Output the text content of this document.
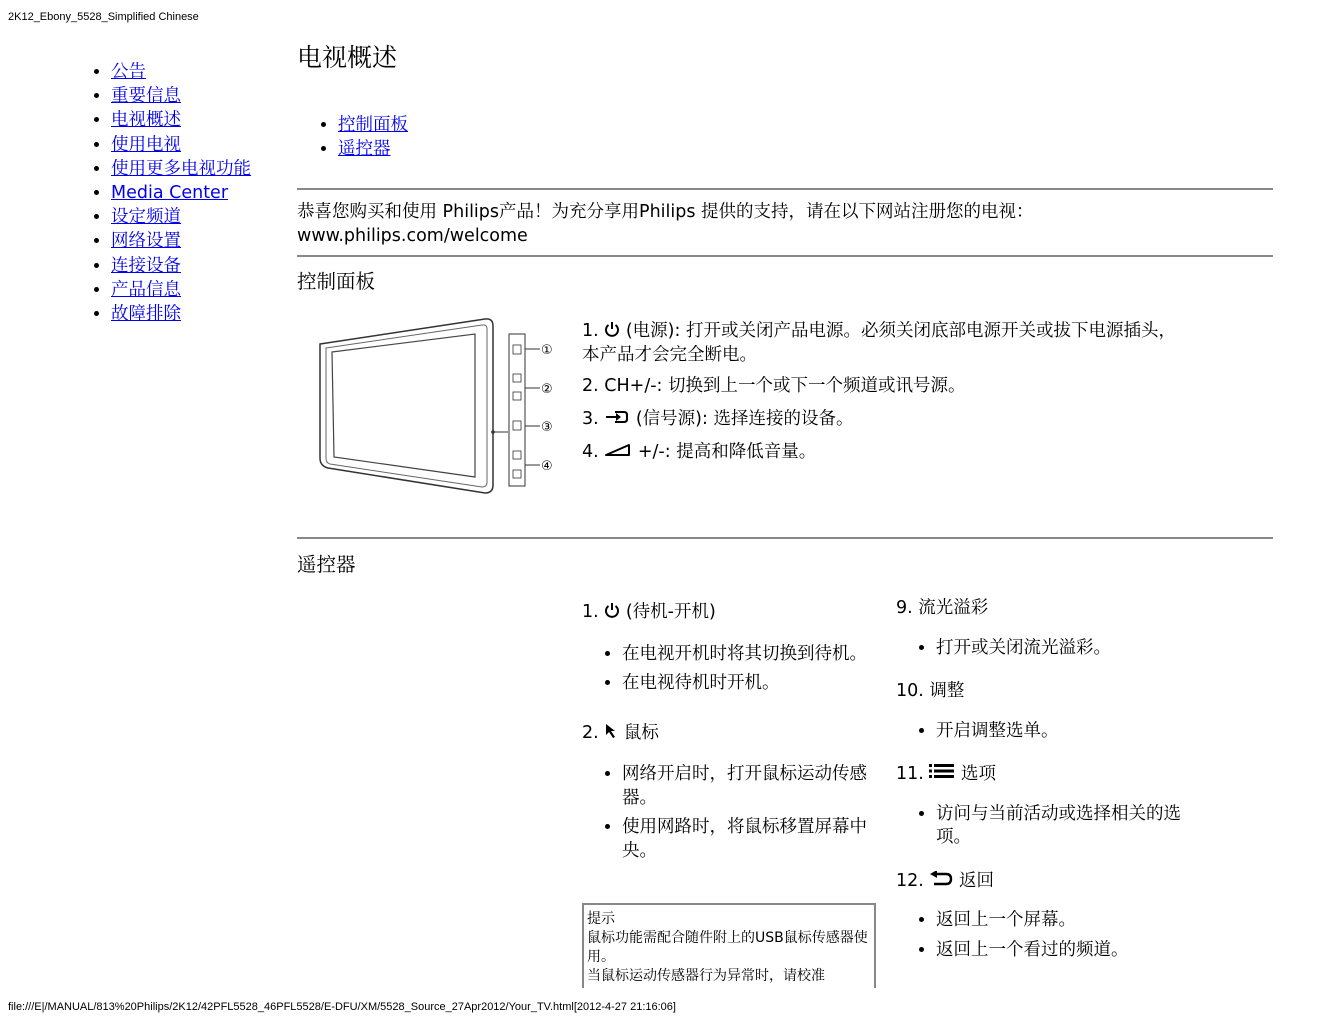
2K12_Ebony_5528_Simplified Chinese
• 公告
• 重要信息
• 电视概述
• 使用电视
• 使用更多电视功能
• Media Center
• 设定频道
• 网络设置
• 连接设备
• 产品信息
• 故障排除
电视概述
• 控制面板
• 遥控器
恭喜您购买和使用 Philips产品！为充分享用Philips 提供的支持，请在以下网站注册您的电视：www.philips.com/welcome
控制面板
①
②
③
④
1. (电源): 打开或关闭产品电源。必须关闭底部电源开关或拔下电源插头， 本产品才会完全断电。
2. CH+/-: 切换到上一个或下一个频道或讯号源。
3. (信号源): 选择连接的设备。
4. +/-: 提高和降低音量。
遥控器
1. (待机-开机)
• 在电视开机时将其切换到待机。
• 在电视待机时开机。
2. 鼠标
• 网络开启时，打开鼠标运动传感器。
• 使用网路时，将鼠标移置屏幕中央。
提示
鼠标功能需配合随件附上的USB鼠标传感器使用。
当鼠标运动传感器行为异常时，请校准
9. 流光溢彩
• 打开或关闭流光溢彩。
10. 调整
• 开启调整选单。
11. 选项
• 访问与当前活动或选择相关的选项。
12. 返回
• 返回上一个屏幕。
• 返回上一个看过的频道。
file:///E|/MANUAL/813%20Philips/2K12/42PFL5528_46PFL5528/E-DFU/XM/5528_Source_27Apr2012/Your_TV.html[2012-4-27 21:16:06]
